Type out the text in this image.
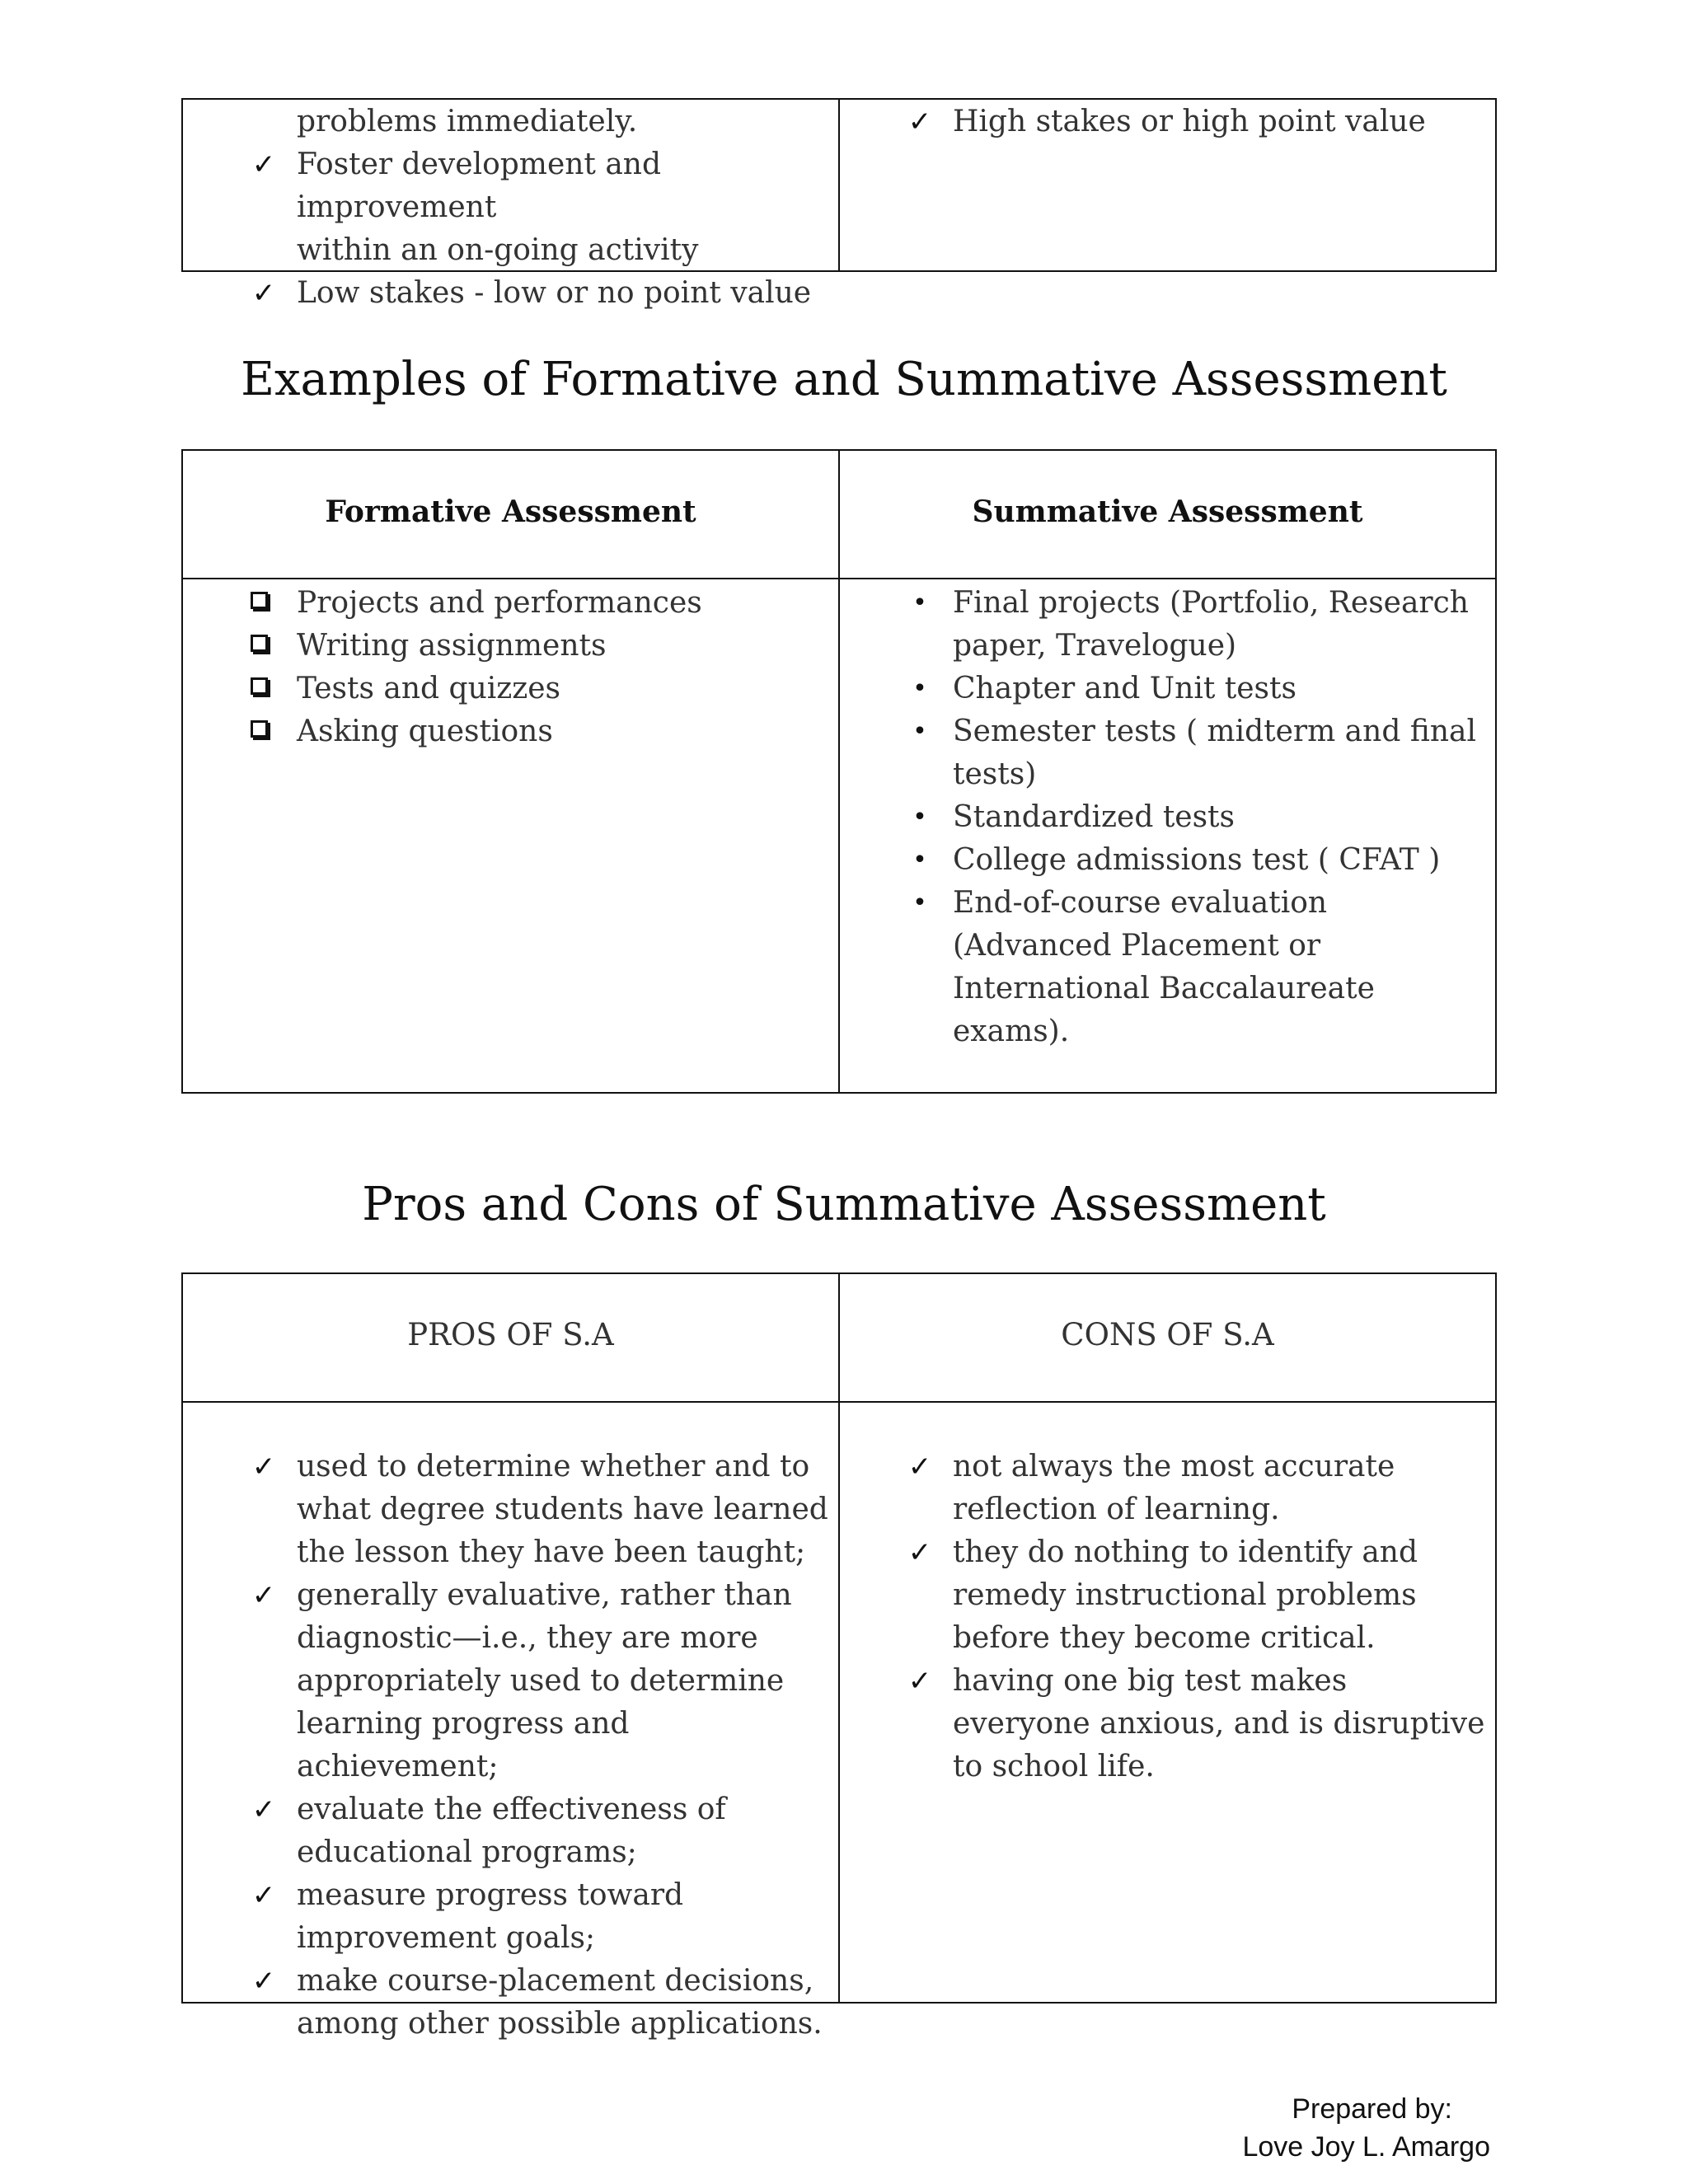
problems immediately.
✓ Foster development and improvement
within an on-going activity
✓ Low stakes - low or no point value
✓ High stakes or high point value
Examples of Formative and Summative Assessment
Formative Assessment	Summative Assessment
Projects and performances
Writing assignments
Tests and quizzes
Asking questions
• Final projects (Portfolio, Research paper, Travelogue)
• Chapter and Unit tests
• Semester tests ( midterm and final tests)
• Standardized tests
• College admissions test ( CFAT )
• End-of-course evaluation (Advanced Placement or International Baccalaureate exams).
Pros and Cons of Summative Assessment
PROS OF S.A	CONS OF S.A
✓ used to determine whether and to what degree students have learned the lesson they have been taught;
✓ generally evaluative, rather than diagnostic—i.e., they are more appropriately used to determine learning progress and achievement;
✓ evaluate the effectiveness of educational programs;
✓ measure progress toward improvement goals;
✓ make course-placement decisions, among other possible applications.
✓ not always the most accurate reflection of learning.
✓ they do nothing to identify and remedy instructional problems before they become critical.
✓ having one big test makes everyone anxious, and is disruptive to school life.
Prepared by:
Love Joy L. Amargo
